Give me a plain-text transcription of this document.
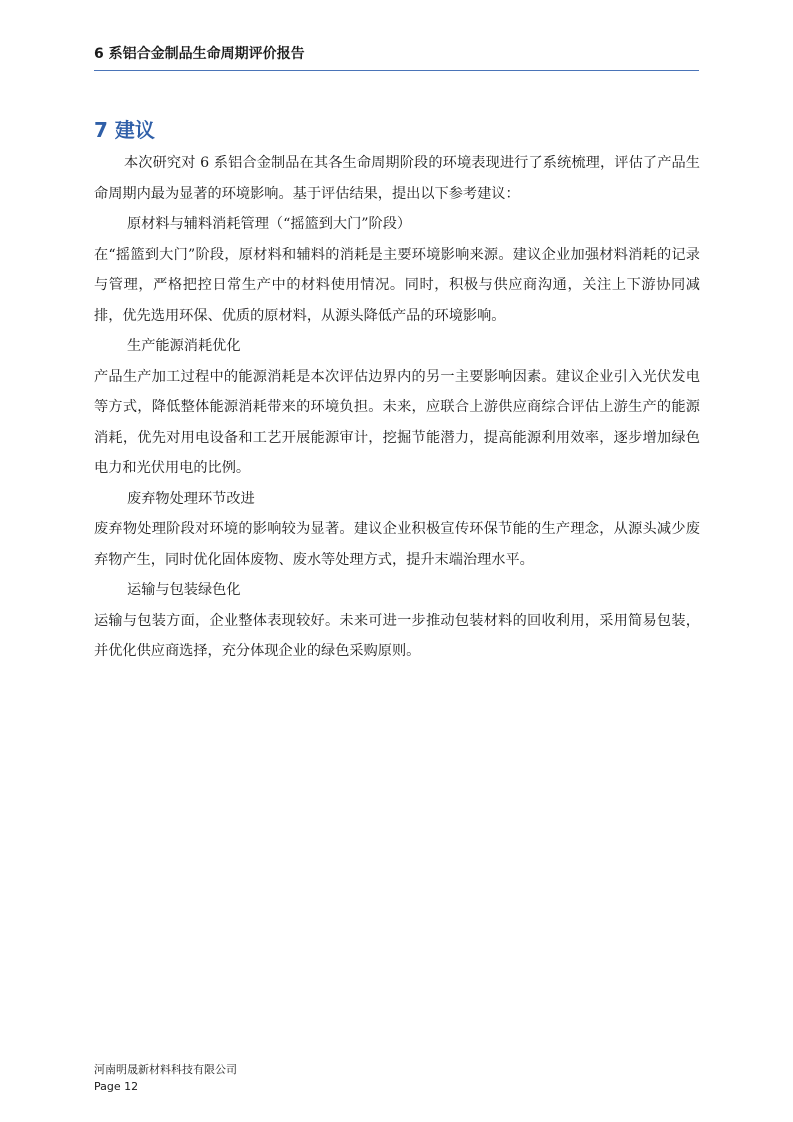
6 系铝合金制品生命周期评价报告
7 建议

本次研究对 6 系铝合金制品在其各生命周期阶段的环境表现进行了系统梳理，评估了产品生命周期内最为显著的环境影响。基于评估结果，提出以下参考建议：

原材料与辅料消耗管理（“摇篮到大门”阶段）

在“摇篮到大门”阶段，原材料和辅料的消耗是主要环境影响来源。建议企业加强材料消耗的记录与管理，严格把控日常生产中的材料使用情况。同时，积极与供应商沟通，关注上下游协同减排，优先选用环保、优质的原材料，从源头降低产品的环境影响。

生产能源消耗优化

产品生产加工过程中的能源消耗是本次评估边界内的另一主要影响因素。建议企业引入光伏发电等方式，降低整体能源消耗带来的环境负担。未来，应联合上游供应商综合评估上游生产的能源消耗，优先对用电设备和工艺开展能源审计，挖掘节能潜力，提高能源利用效率，逐步增加绿色电力和光伏用电的比例。

废弃物处理环节改进

废弃物处理阶段对环境的影响较为显著。建议企业积极宣传环保节能的生产理念，从源头减少废弃物产生，同时优化固体废物、废水等处理方式，提升末端治理水平。

运输与包装绿色化

运输与包装方面，企业整体表现较好。未来可进一步推动包装材料的回收利用，采用简易包装，并优化供应商选择，充分体现企业的绿色采购原则。

河南明晟新材料科技有限公司
Page 12
